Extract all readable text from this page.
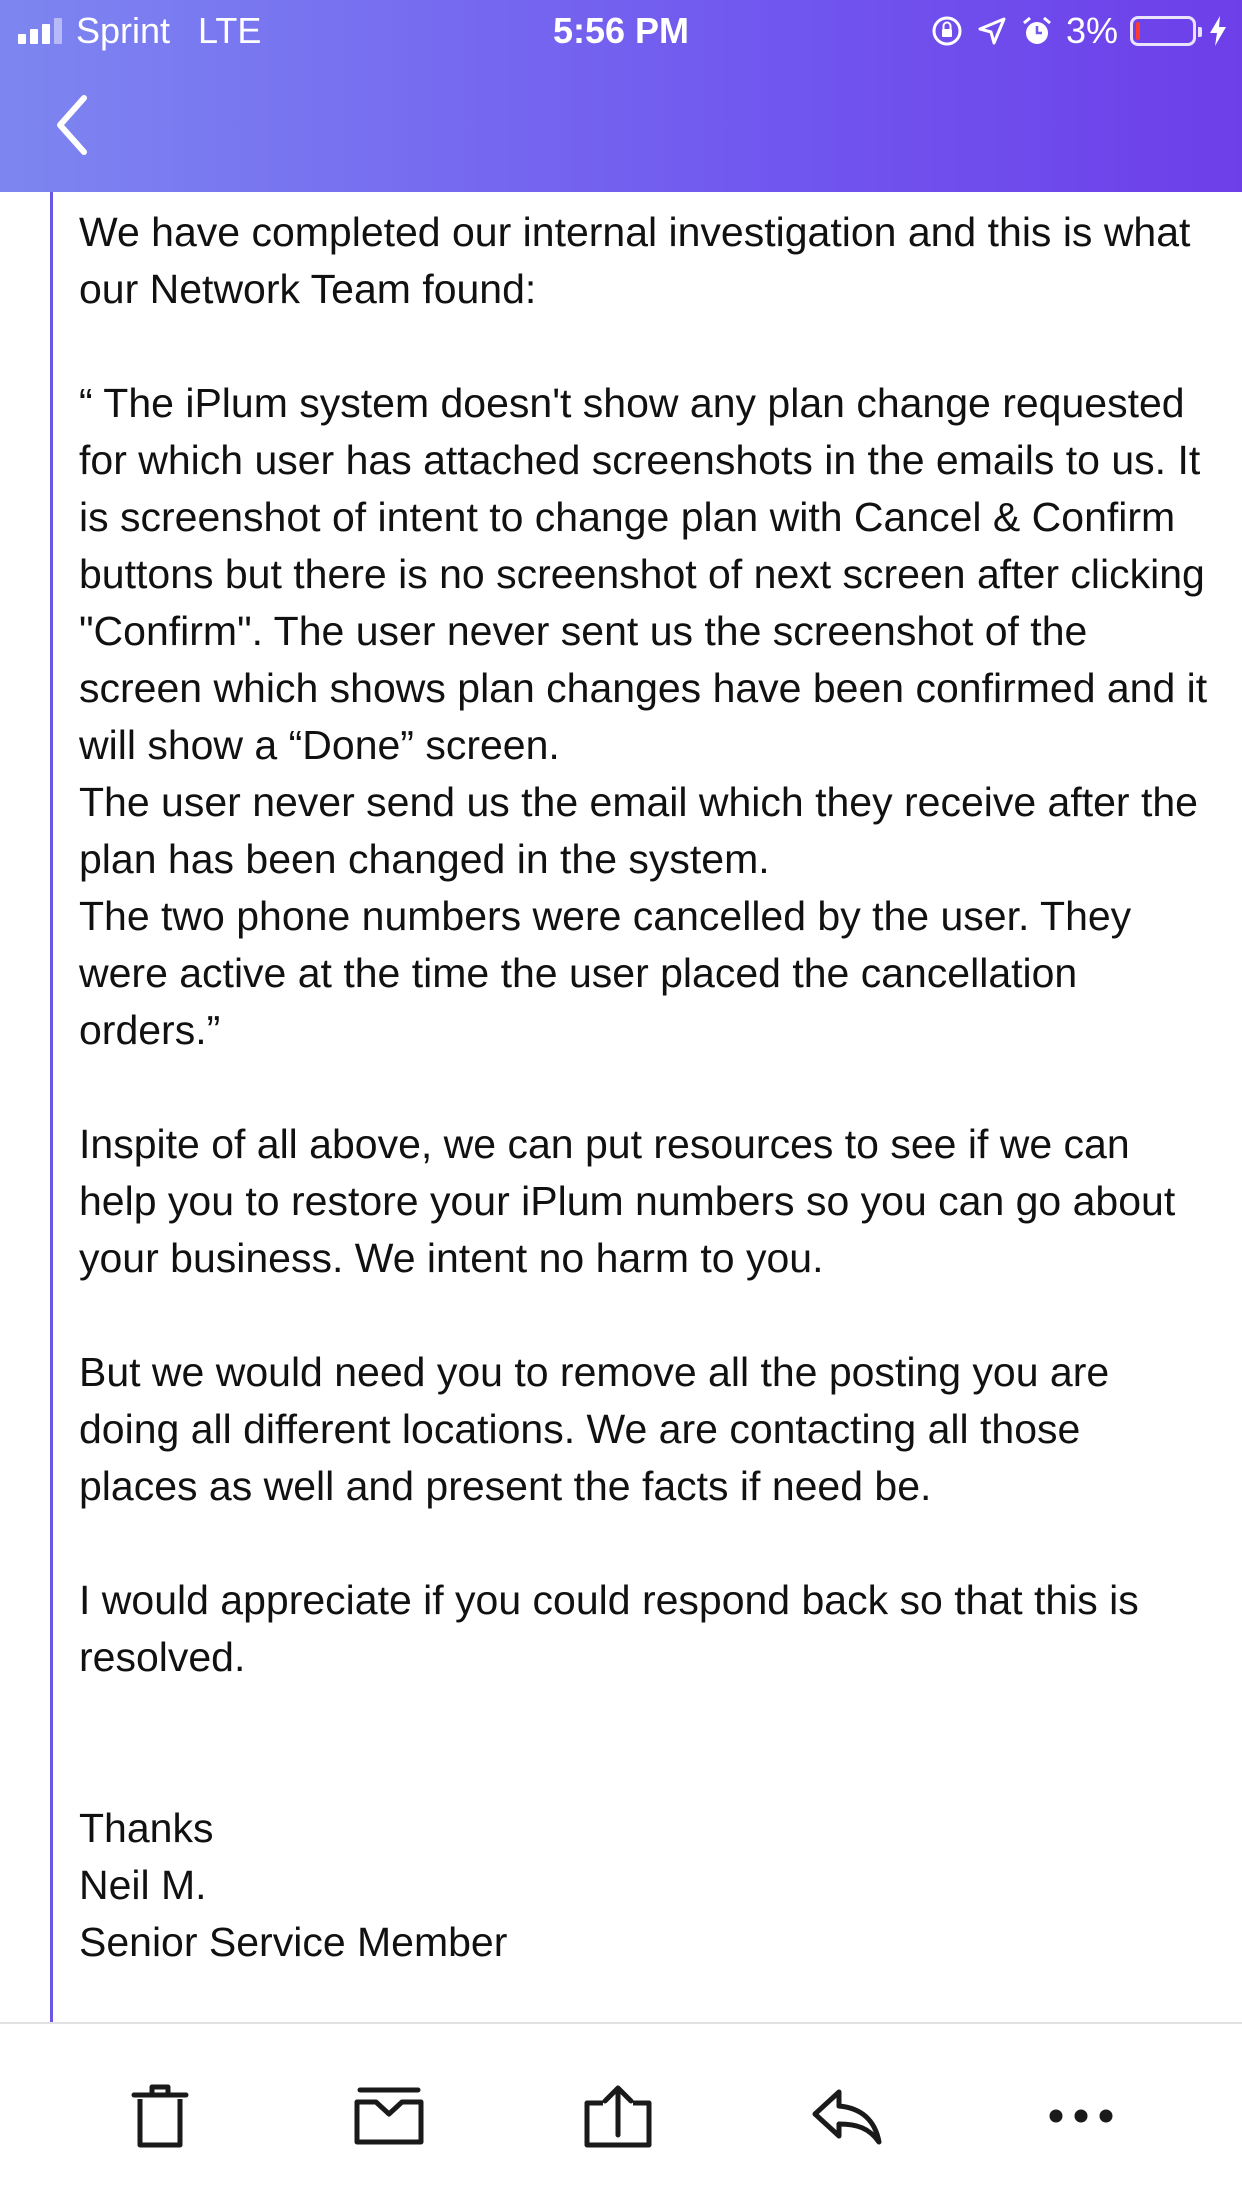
Sprint LTE	5:56 PM	3%

We have completed our internal investigation and this is what our Network Team found:

“ The iPlum system doesn't show any plan change requested for which user has attached screenshots in the emails to us. It is screenshot of intent to change plan with Cancel & Confirm buttons but there is no screenshot of next screen after clicking "Confirm". The user never sent us the screenshot of the screen which shows plan changes have been confirmed and it will show a “Done” screen.
The user never send us the email which they receive after the plan has been changed in the system.
The two phone numbers were cancelled by the user. They were active at the time the user placed the cancellation orders.”

Inspite of all above, we can put resources to see if we can help you to restore your iPlum numbers so you can go about your business. We intent no harm to you.

But we would need you to remove all the posting you are doing all different locations. We are contacting all those places as well and present the facts if need be.

I would appreciate if you could respond back so that this is resolved.

Thanks
Neil M.
Senior Service Member
